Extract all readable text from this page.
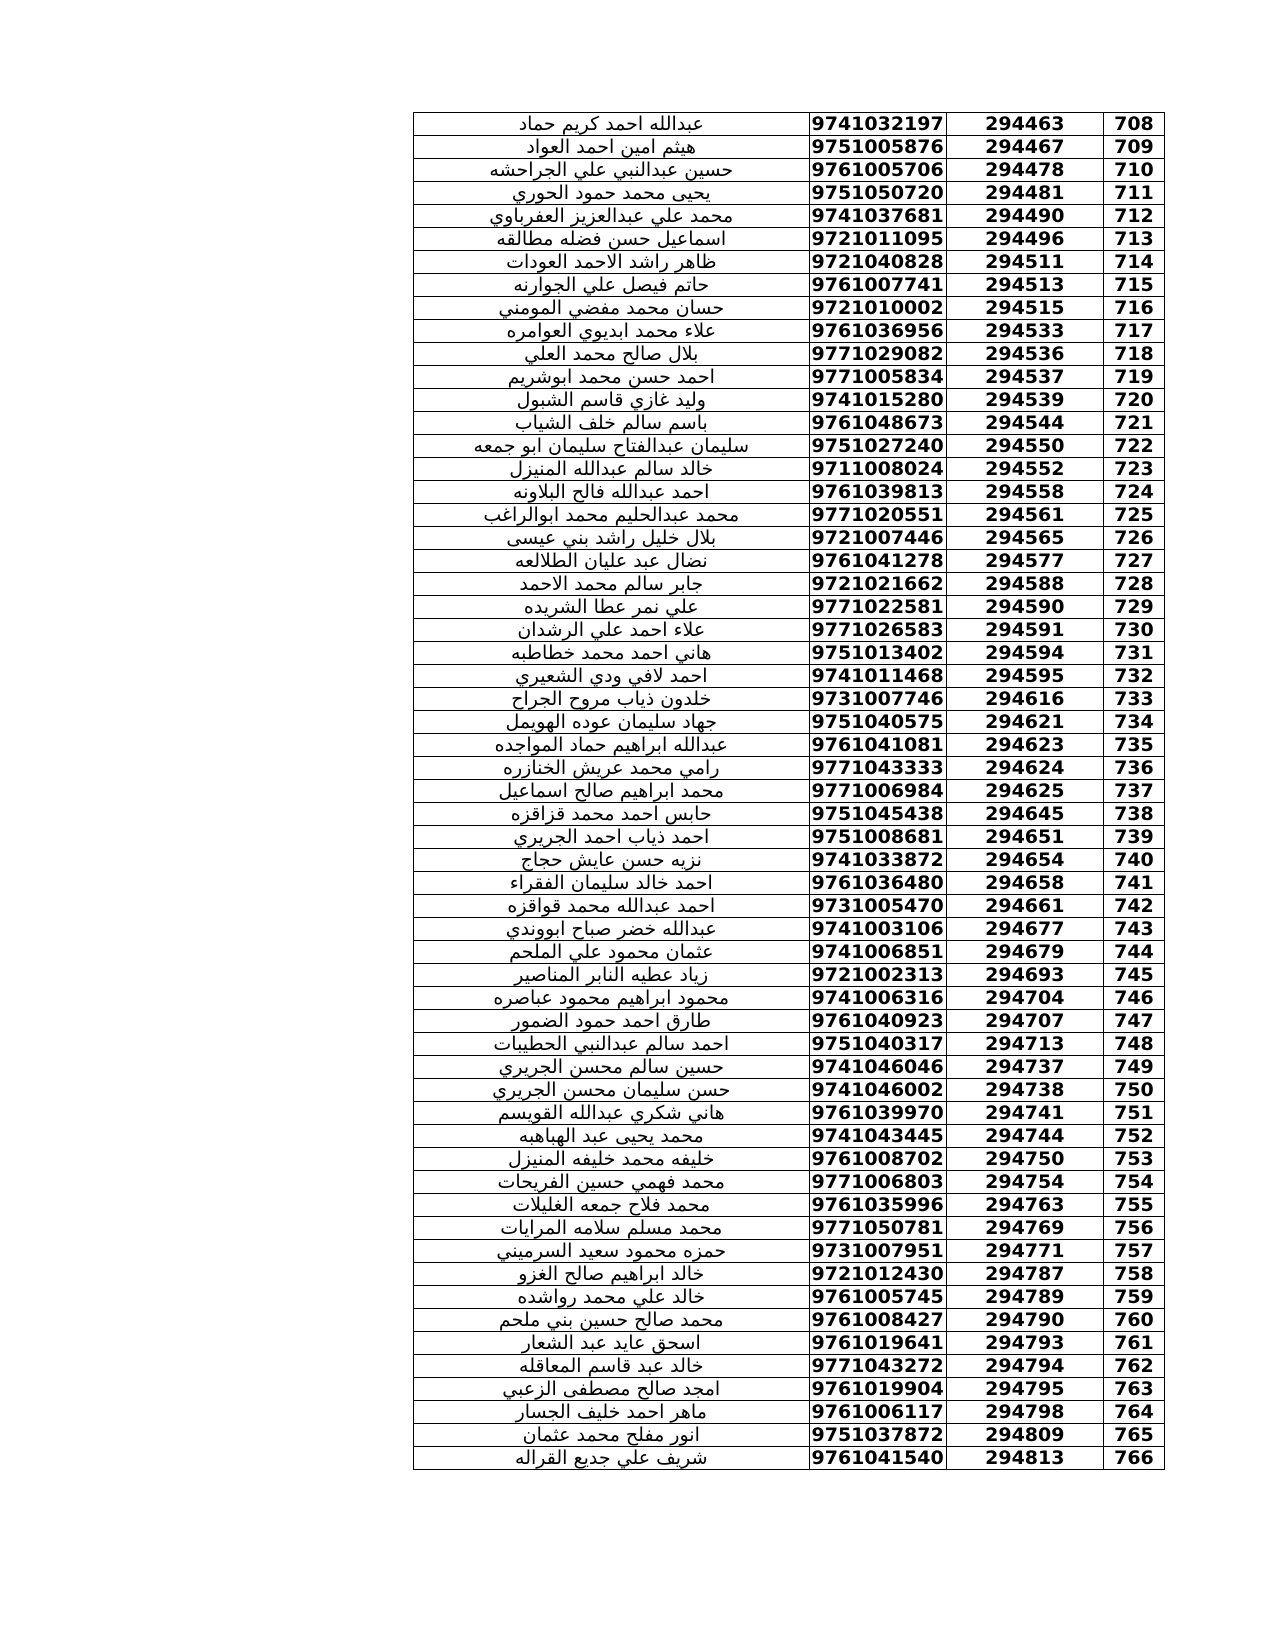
عبدالله احمد كريم حماد	9741032197	294463	708
هيثم امين احمد العواد	9751005876	294467	709
حسين عبدالنبي علي الجراحشه	9761005706	294478	710
يحيى محمد حمود الحوري	9751050720	294481	711
محمد علي عبدالعزيز العفرباوي	9741037681	294490	712
اسماعيل حسن فضله مطالقه	9721011095	294496	713
ظاهر راشد الاحمد العودات	9721040828	294511	714
حاتم فيصل علي الجوارنه	9761007741	294513	715
حسان محمد مفضي المومني	9721010002	294515	716
علاء محمد ابديوي العوامره	9761036956	294533	717
بلال صالح محمد العلي	9771029082	294536	718
احمد حسن محمد ابوشريم	9771005834	294537	719
وليد غازي قاسم الشبول	9741015280	294539	720
باسم سالم خلف الشياب	9761048673	294544	721
سليمان عبدالفتاح سليمان ابو جمعه	9751027240	294550	722
خالد سالم عبدالله المنيزل	9711008024	294552	723
احمد عبدالله فالح البلاونه	9761039813	294558	724
محمد عبدالحليم محمد ابوالراغب	9771020551	294561	725
بلال خليل راشد بني عيسى	9721007446	294565	726
نضال عبد عليان الطلالعه	9761041278	294577	727
جابر سالم محمد الاحمد	9721021662	294588	728
علي نمر عطا الشريده	9771022581	294590	729
علاء احمد علي الرشدان	9771026583	294591	730
هاني احمد محمد خطاطبه	9751013402	294594	731
احمد لافي ودي الشعيري	9741011468	294595	732
خلدون ذياب مروح الجراح	9731007746	294616	733
جهاد سليمان عوده الهويمل	9751040575	294621	734
عبدالله ابراهيم حماد المواجده	9761041081	294623	735
رامي محمد عريش الخنازره	9771043333	294624	736
محمد ابراهيم صالح اسماعيل	9771006984	294625	737
حابس احمد محمد قزاقزه	9751045438	294645	738
احمد ذياب احمد الجريري	9751008681	294651	739
نزيه حسن عايش حجاج	9741033872	294654	740
احمد خالد سليمان الفقراء	9761036480	294658	741
احمد عبدالله محمد قواقزه	9731005470	294661	742
عبدالله خضر صباح ابووندي	9741003106	294677	743
عثمان محمود علي الملحم	9741006851	294679	744
زياد عطيه النابر المناصير	9721002313	294693	745
محمود ابراهيم محمود عباصره	9741006316	294704	746
طارق احمد حمود الضمور	9761040923	294707	747
احمد سالم عبدالنبي الحطيبات	9751040317	294713	748
حسين سالم محسن الجريري	9741046046	294737	749
حسن سليمان محسن الجريري	9741046002	294738	750
هاني شكري عبدالله القويسم	9761039970	294741	751
محمد يحيى عبد الهباهبه	9741043445	294744	752
خليفه محمد خليفه المنيزل	9761008702	294750	753
محمد فهمي حسين الفريحات	9771006803	294754	754
محمد فلاح جمعه الغليلات	9761035996	294763	755
محمد مسلم سلامه المرايات	9771050781	294769	756
حمزه محمود سعيد السرميني	9731007951	294771	757
خالد ابراهيم صالح الغزو	9721012430	294787	758
خالد علي محمد رواشده	9761005745	294789	759
محمد صالح حسين بني ملحم	9761008427	294790	760
اسحق عايد عبد الشعار	9761019641	294793	761
خالد عبد قاسم المعاقله	9771043272	294794	762
امجد صالح مصطفى الزعبي	9761019904	294795	763
ماهر احمد خليف الجسار	9761006117	294798	764
انور مفلح محمد عثمان	9751037872	294809	765
شريف علي جديع القراله	9761041540	294813	766
